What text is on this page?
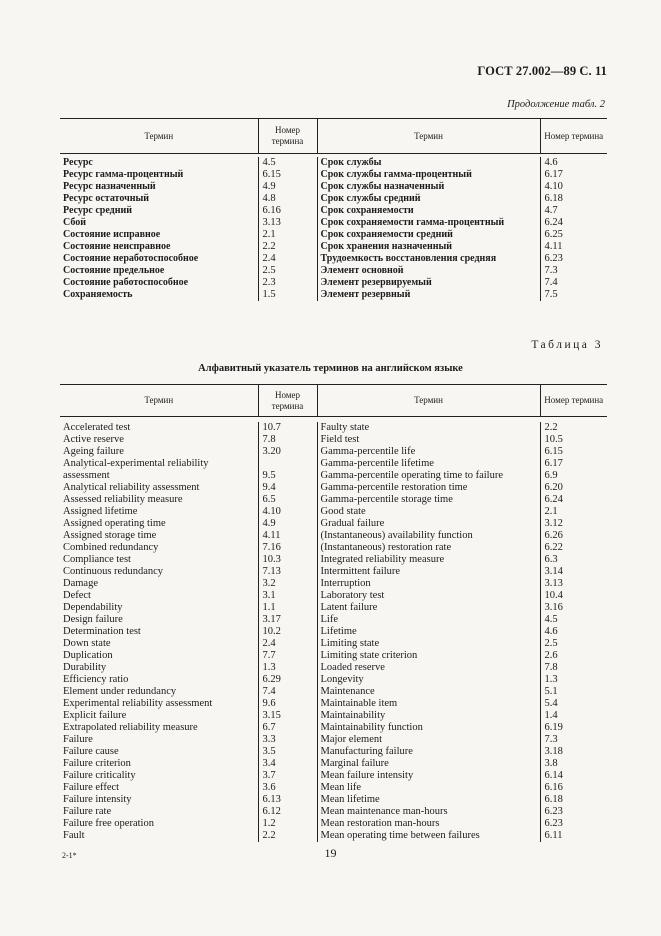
ГОСТ 27.002—89 С. 11
Продолжение табл. 2
Термин	Номер термина	Термин	Номер термина

Ресурс	4.5	Срок службы	4.6
Ресурс гамма-процентный	6.15	Срок службы гамма-процентный	6.17
Ресурс назначенный	4.9	Срок службы назначенный	4.10
Ресурс остаточный	4.8	Срок службы средний	6.18
Ресурс средний	6.16	Срок сохраняемости	4.7
Сбой	3.13	Срок сохраняемости гамма-процентный	6.24
Состояние исправное	2.1	Срок сохраняемости средний	6.25
Состояние неисправное	2.2	Срок хранения назначенный	4.11
Состояние неработоспособное	2.4	Трудоемкость восстановления средняя	6.23
Состояние предельное	2.5	Элемент основной	7.3
Состояние работоспособное	2.3	Элемент резервируемый	7.4
Сохраняемость	1.5	Элемент резервный	7.5
Таблица 3
Алфавитный указатель терминов на английском языке
Термин	Номер термина	Термин	Номер термина

Accelerated test	10.7	Faulty state	2.2
Active reserve	7.8	Field test	10.5
Ageing failure	3.20	Gamma-percentile life	6.15
Analytical-experimental reliability		Gamma-percentile lifetime	6.17
assessment	9.5	Gamma-percentile operating time to failure	6.9
Analytical reliability assessment	9.4	Gamma-percentile restoration time	6.20
Assessed reliability measure	6.5	Gamma-percentile storage time	6.24
Assigned lifetime	4.10	Good state	2.1
Assigned operating time	4.9	Gradual failure	3.12
Assigned storage time	4.11	(Instantaneous) availability function	6.26
Combined redundancy	7.16	(Instantaneous) restoration rate	6.22
Compliance test	10.3	Integrated reliability measure	6.3
Continuous redundancy	7.13	Intermittent failure	3.14
Damage	3.2	Interruption	3.13
Defect	3.1	Laboratory test	10.4
Dependability	1.1	Latent failure	3.16
Design failure	3.17	Life	4.5
Determination test	10.2	Lifetime	4.6
Down state	2.4	Limiting state	2.5
Duplication	7.7	Limiting state criterion	2.6
Durability	1.3	Loaded reserve	7.8
Efficiency ratio	6.29	Longevity	1.3
Element under redundancy	7.4	Maintenance	5.1
Experimental reliability assessment	9.6	Maintainable item	5.4
Explicit failure	3.15	Maintainability	1.4
Extrapolated reliability measure	6.7	Maintainability function	6.19
Failure	3.3	Major element	7.3
Failure cause	3.5	Manufacturing failure	3.18
Failure criterion	3.4	Marginal failure	3.8
Failure criticality	3.7	Mean failure intensity	6.14
Failure effect	3.6	Mean life	6.16
Failure intensity	6.13	Mean lifetime	6.18
Failure rate	6.12	Mean maintenance man-hours	6.23
Failure free operation	1.2	Mean restoration man-hours	6.23
Fault	2.2	Mean operating time between failures	6.11
2-1*	19
